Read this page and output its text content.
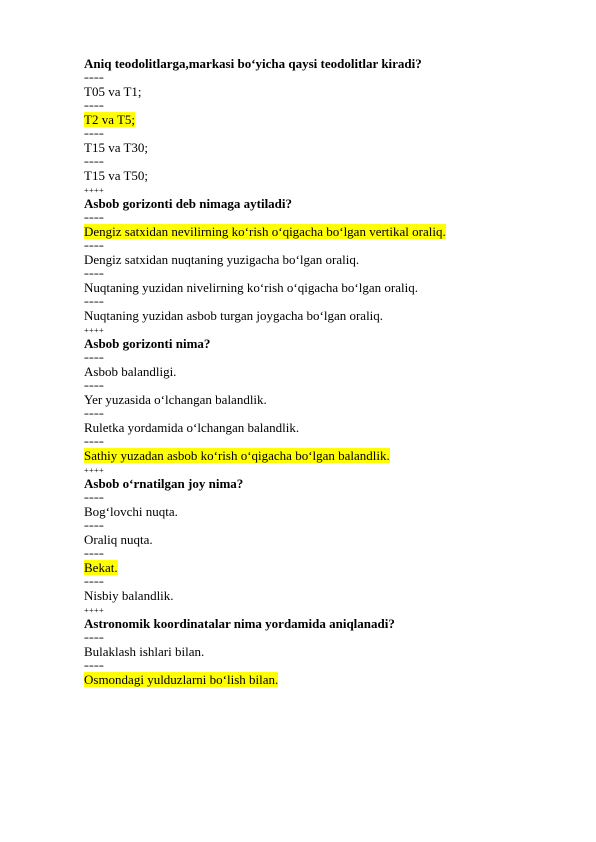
Aniq teodolitlarga,markasi bo‘yicha qaysi teodolitlar kiradi?
====
T05 va T1;
====
T2 va T5;
====
T15 va T30;
====
T15 va T50;
++++
Asbob gorizonti deb nimaga aytiladi?
====
Dengiz satxidan nevilirning ko‘rish o‘qigacha bo‘lgan vertikal oraliq.
====
Dengiz satxidan nuqtaning yuzigacha bo‘lgan oraliq.
====
Nuqtaning yuzidan nivelirning ko‘rish o‘qigacha bo‘lgan oraliq.
====
Nuqtaning yuzidan asbob turgan joygacha bo‘lgan oraliq.
++++
Asbob gorizonti nima?
====
Asbob balandligi.
====
Yer yuzasida o‘lchangan balandlik.
====
Ruletka yordamida o‘lchangan balandlik.
====
Sathiy yuzadan asbob ko‘rish o‘qigacha bo‘lgan balandlik.
++++
Asbob o‘rnatilgan joy nima?
====
Bog‘lovchi nuqta.
====
Oraliq nuqta.
====
Bekat.
====
Nisbiy balandlik.
++++
Astronomik koordinatalar nima yordamida aniqlanadi?
====
Bulaklash ishlari bilan.
====
Osmondagi yulduzlarni bo‘lish bilan.
